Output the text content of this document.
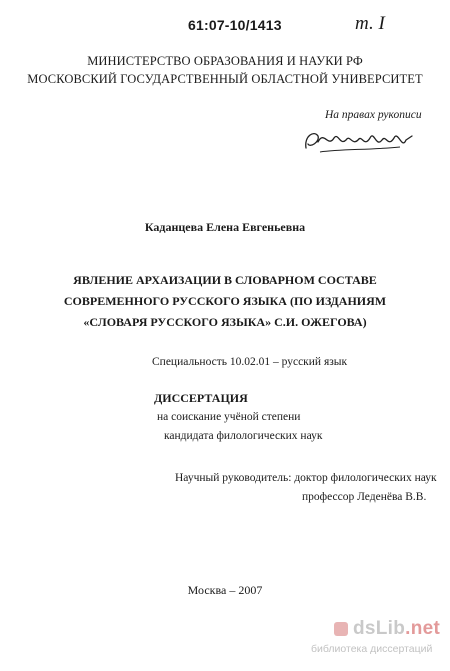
61:07-10/1413	т. I
МИНИСТЕРСТВО ОБРАЗОВАНИЯ И НАУКИ РФ
МОСКОВСКИЙ ГОСУДАРСТВЕННЫЙ ОБЛАСТНОЙ УНИВЕРСИТЕТ
На правах рукописи
Каданцева Елена Евгеньевна
ЯВЛЕНИЕ АРХАИЗАЦИИ В СЛОВАРНОМ СОСТАВЕ
СОВРЕМЕННОГО РУССКОГО ЯЗЫКА (ПО ИЗДАНИЯМ
«СЛОВАРЯ РУССКОГО ЯЗЫКА» С.И. ОЖЕГОВА)
Специальность 10.02.01 – русский язык
ДИССЕРТАЦИЯ
на соискание учёной степени
кандидата филологических наук
Научный руководитель: доктор филологических наук
профессор Леденёва В.В.
Москва – 2007
dsLib.net
библиотека диссертаций
